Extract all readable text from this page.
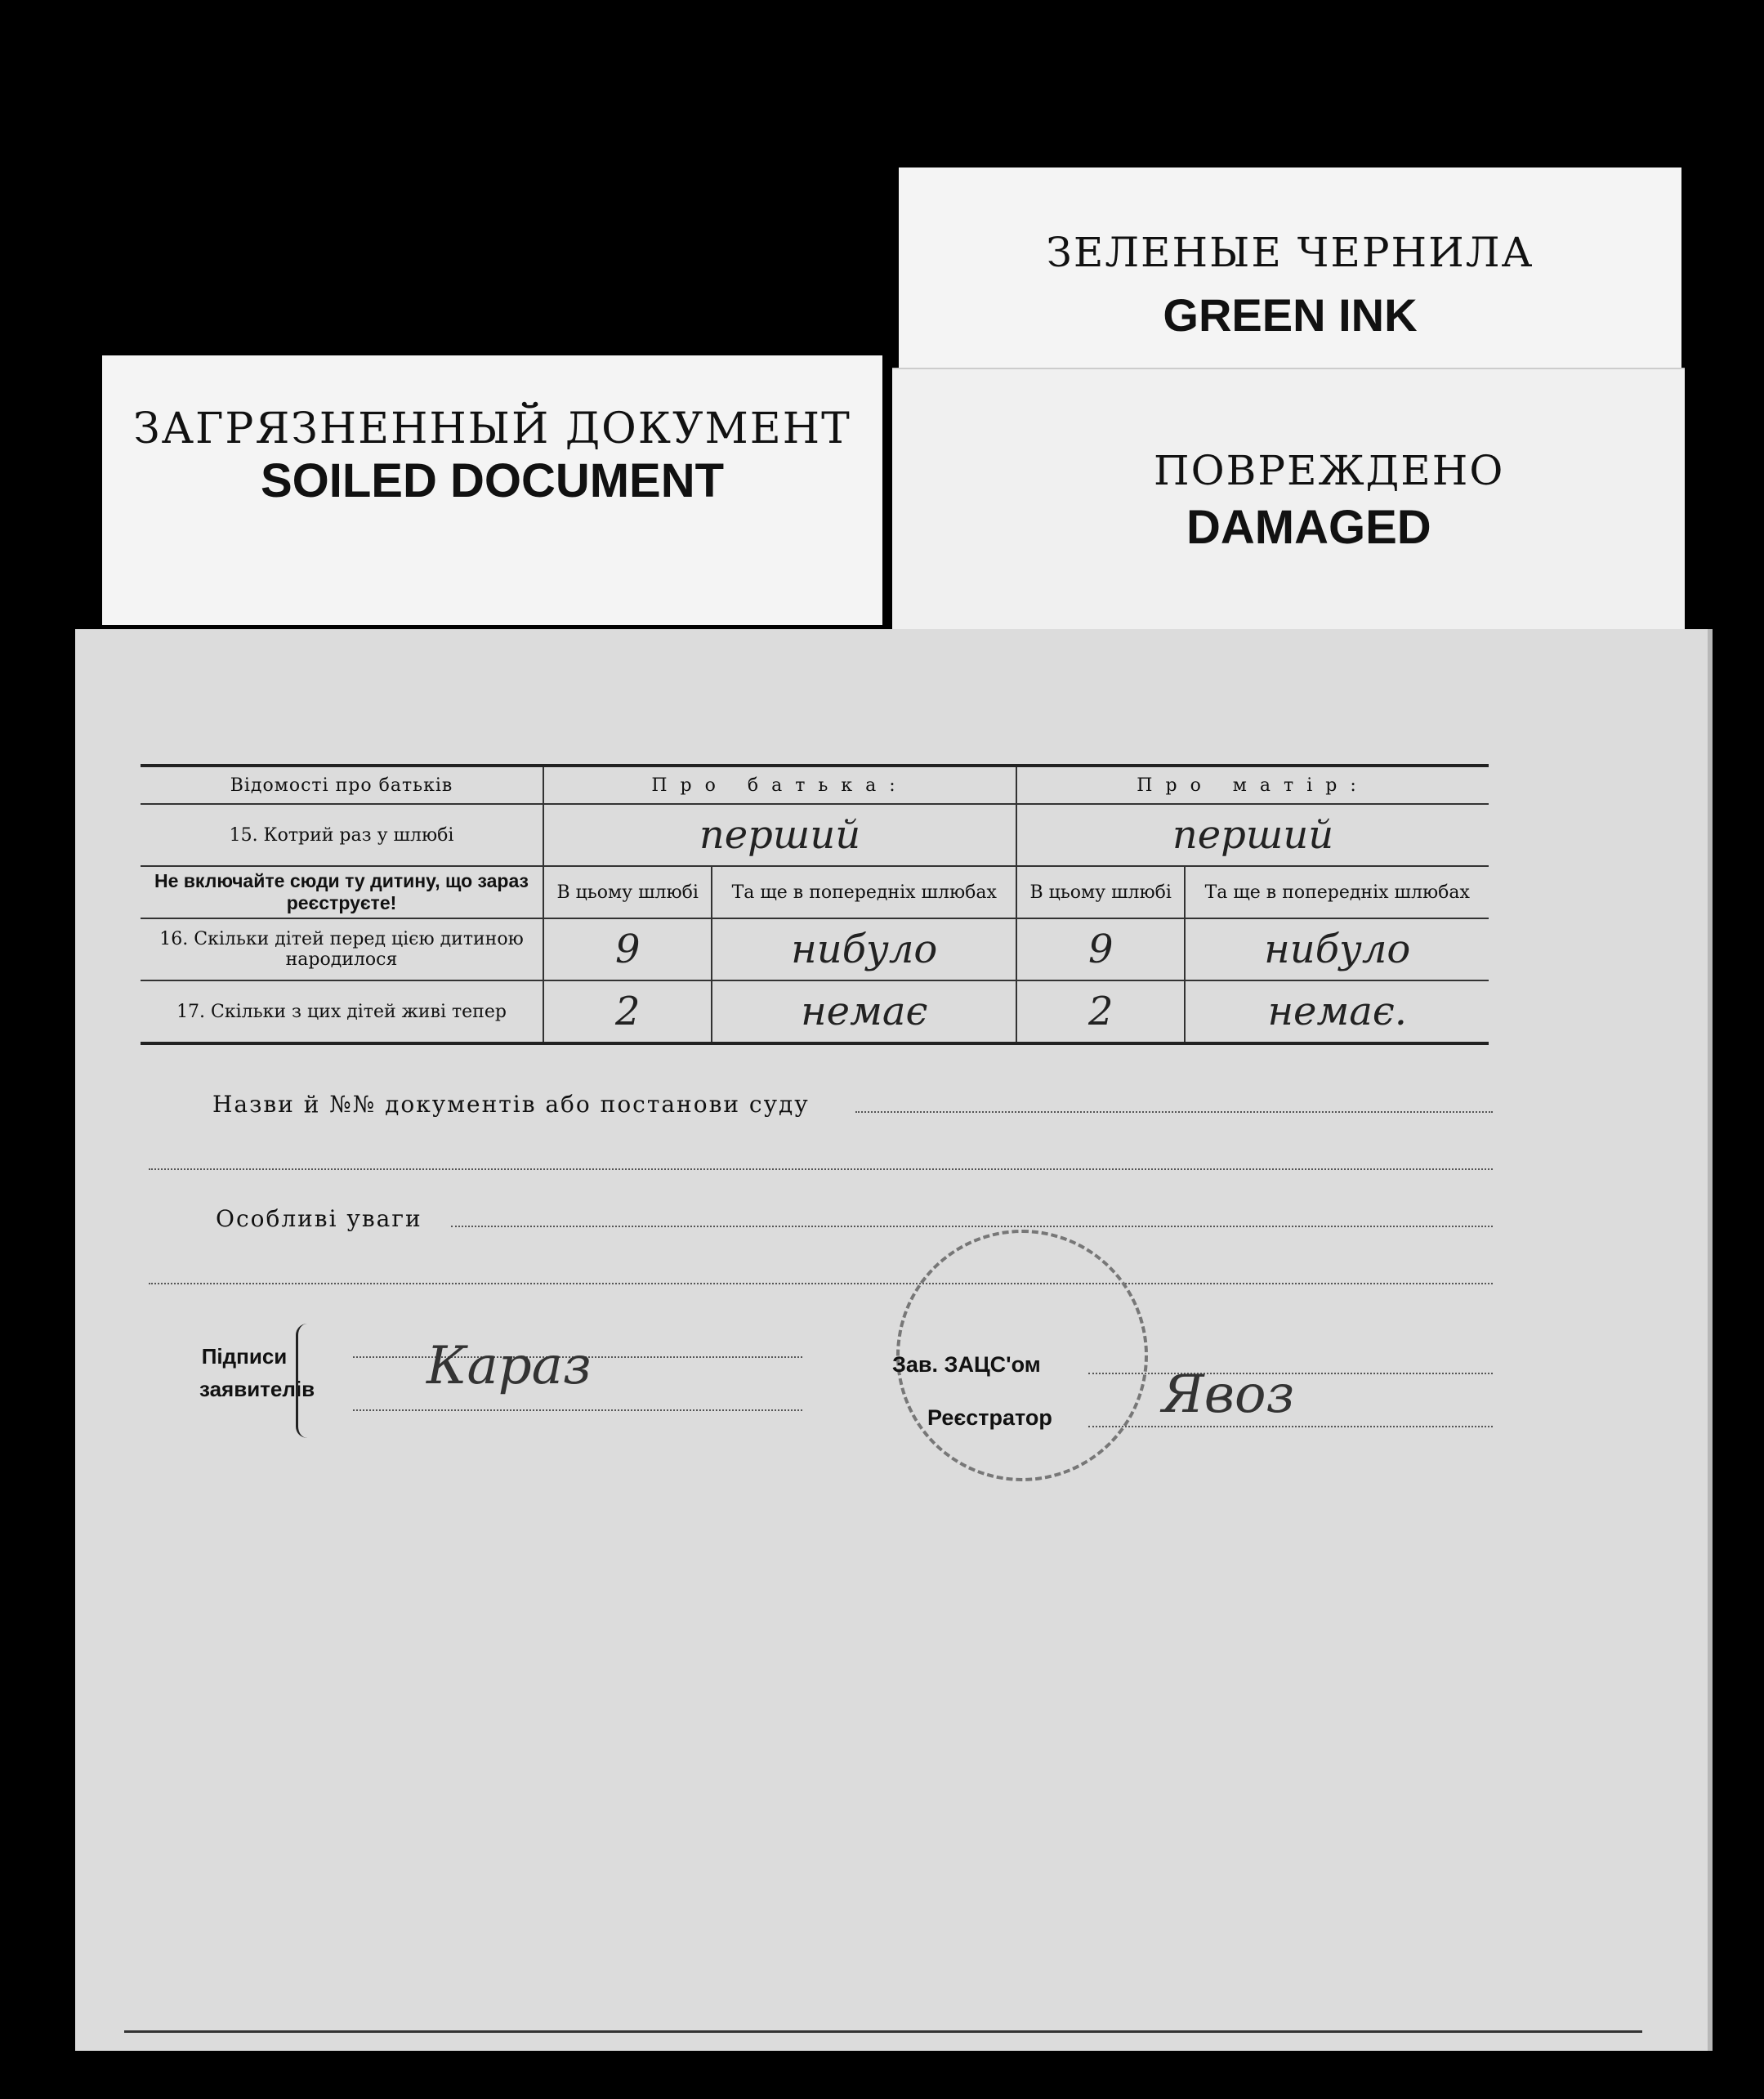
ЗАГРЯЗНЕННЫЙ ДОКУМЕНТ
SOILED DOCUMENT
ЗЕЛЕНЫЕ ЧЕРНИЛА
GREEN INK
ПОВРЕЖДЕНО
DAMAGED
Відомості про батьків	Про батька:		Про матір:	
15. Котрий раз у шлюбі	перший		перший	
Не включайте сюди ту дитину, що зараз реєструєте!	В цьому шлюбі	Та ще в попередніх шлюбах	В цьому шлюбі	Та ще в попередніх шлюбах
16. Скільки дітей перед цією дитиною народилося	9	нибуло	9	нибуло
17. Скільки з цих дітей живі тепер	2	немає	2	немає.
Назви й №№ документів або постанови суду
Особливі уваги
Підписи заявителів Караз	Зав. ЗАЦС'ом
Реєстратор Явоз
